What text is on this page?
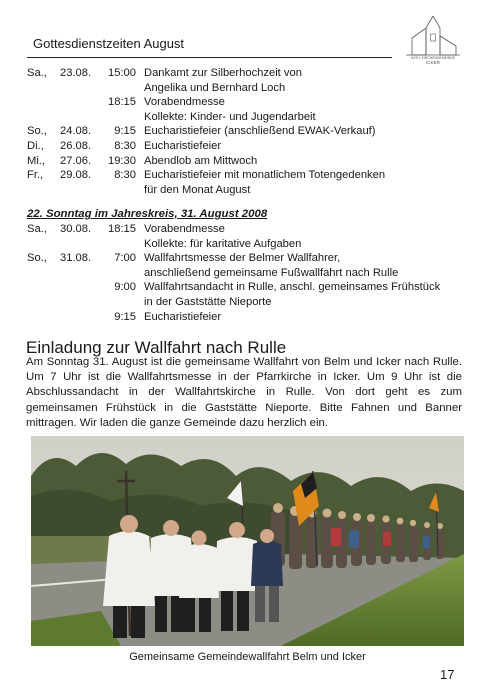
Gottesdienstzeiten August
KATH. KIRCHENGEMEINDE
ICKER
Sa., 23.08.	15:00 Dankamt zur Silberhochzeit von
Angelika und Bernhard Loch
18:15 Vorabendmesse
Kollekte: Kinder- und Jugendarbeit
So., 24.08.	9:15 Eucharistiefeier (anschließend EWAK-Verkauf)
Di., 26.08.	8:30 Eucharistiefeier
Mi., 27.06.	19:30 Abendlob am Mittwoch
Fr., 29.08.	8:30 Eucharistiefeier mit monatlichem Totengedenken
für den Monat August
22. Sonntag im Jahreskreis, 31. August 2008
Sa., 30.08.	18:15 Vorabendmesse
Kollekte: für karitative Aufgaben
So., 31.08.	7:00 Wallfahrtsmesse der Belmer Wallfahrer,
anschließend gemeinsame Fußwallfahrt nach Rulle
9:00 Wallfahrtsandacht in Rulle, anschl. gemeinsames Frühstück
in der Gaststätte Nieporte
9:15 Eucharistiefeier
Einladung zur Wallfahrt nach Rulle
Am Sonntag 31. August ist die gemeinsame Wallfahrt von Belm und Icker nach Rulle. Um 7 Uhr ist die Wallfahrtsmesse in der Pfarrkirche in Icker. Um 9 Uhr ist die Abschlussandacht in der Wallfahrtskirche in Rulle. Von dort geht es zum gemeinsamen Frühstück in die Gaststätte Nieporte. Bitte Fahnen und Banner mittragen. Wir laden die ganze Gemeinde dazu herzlich ein.
Gemeinsame Gemeindewallfahrt Belm und Icker
17
